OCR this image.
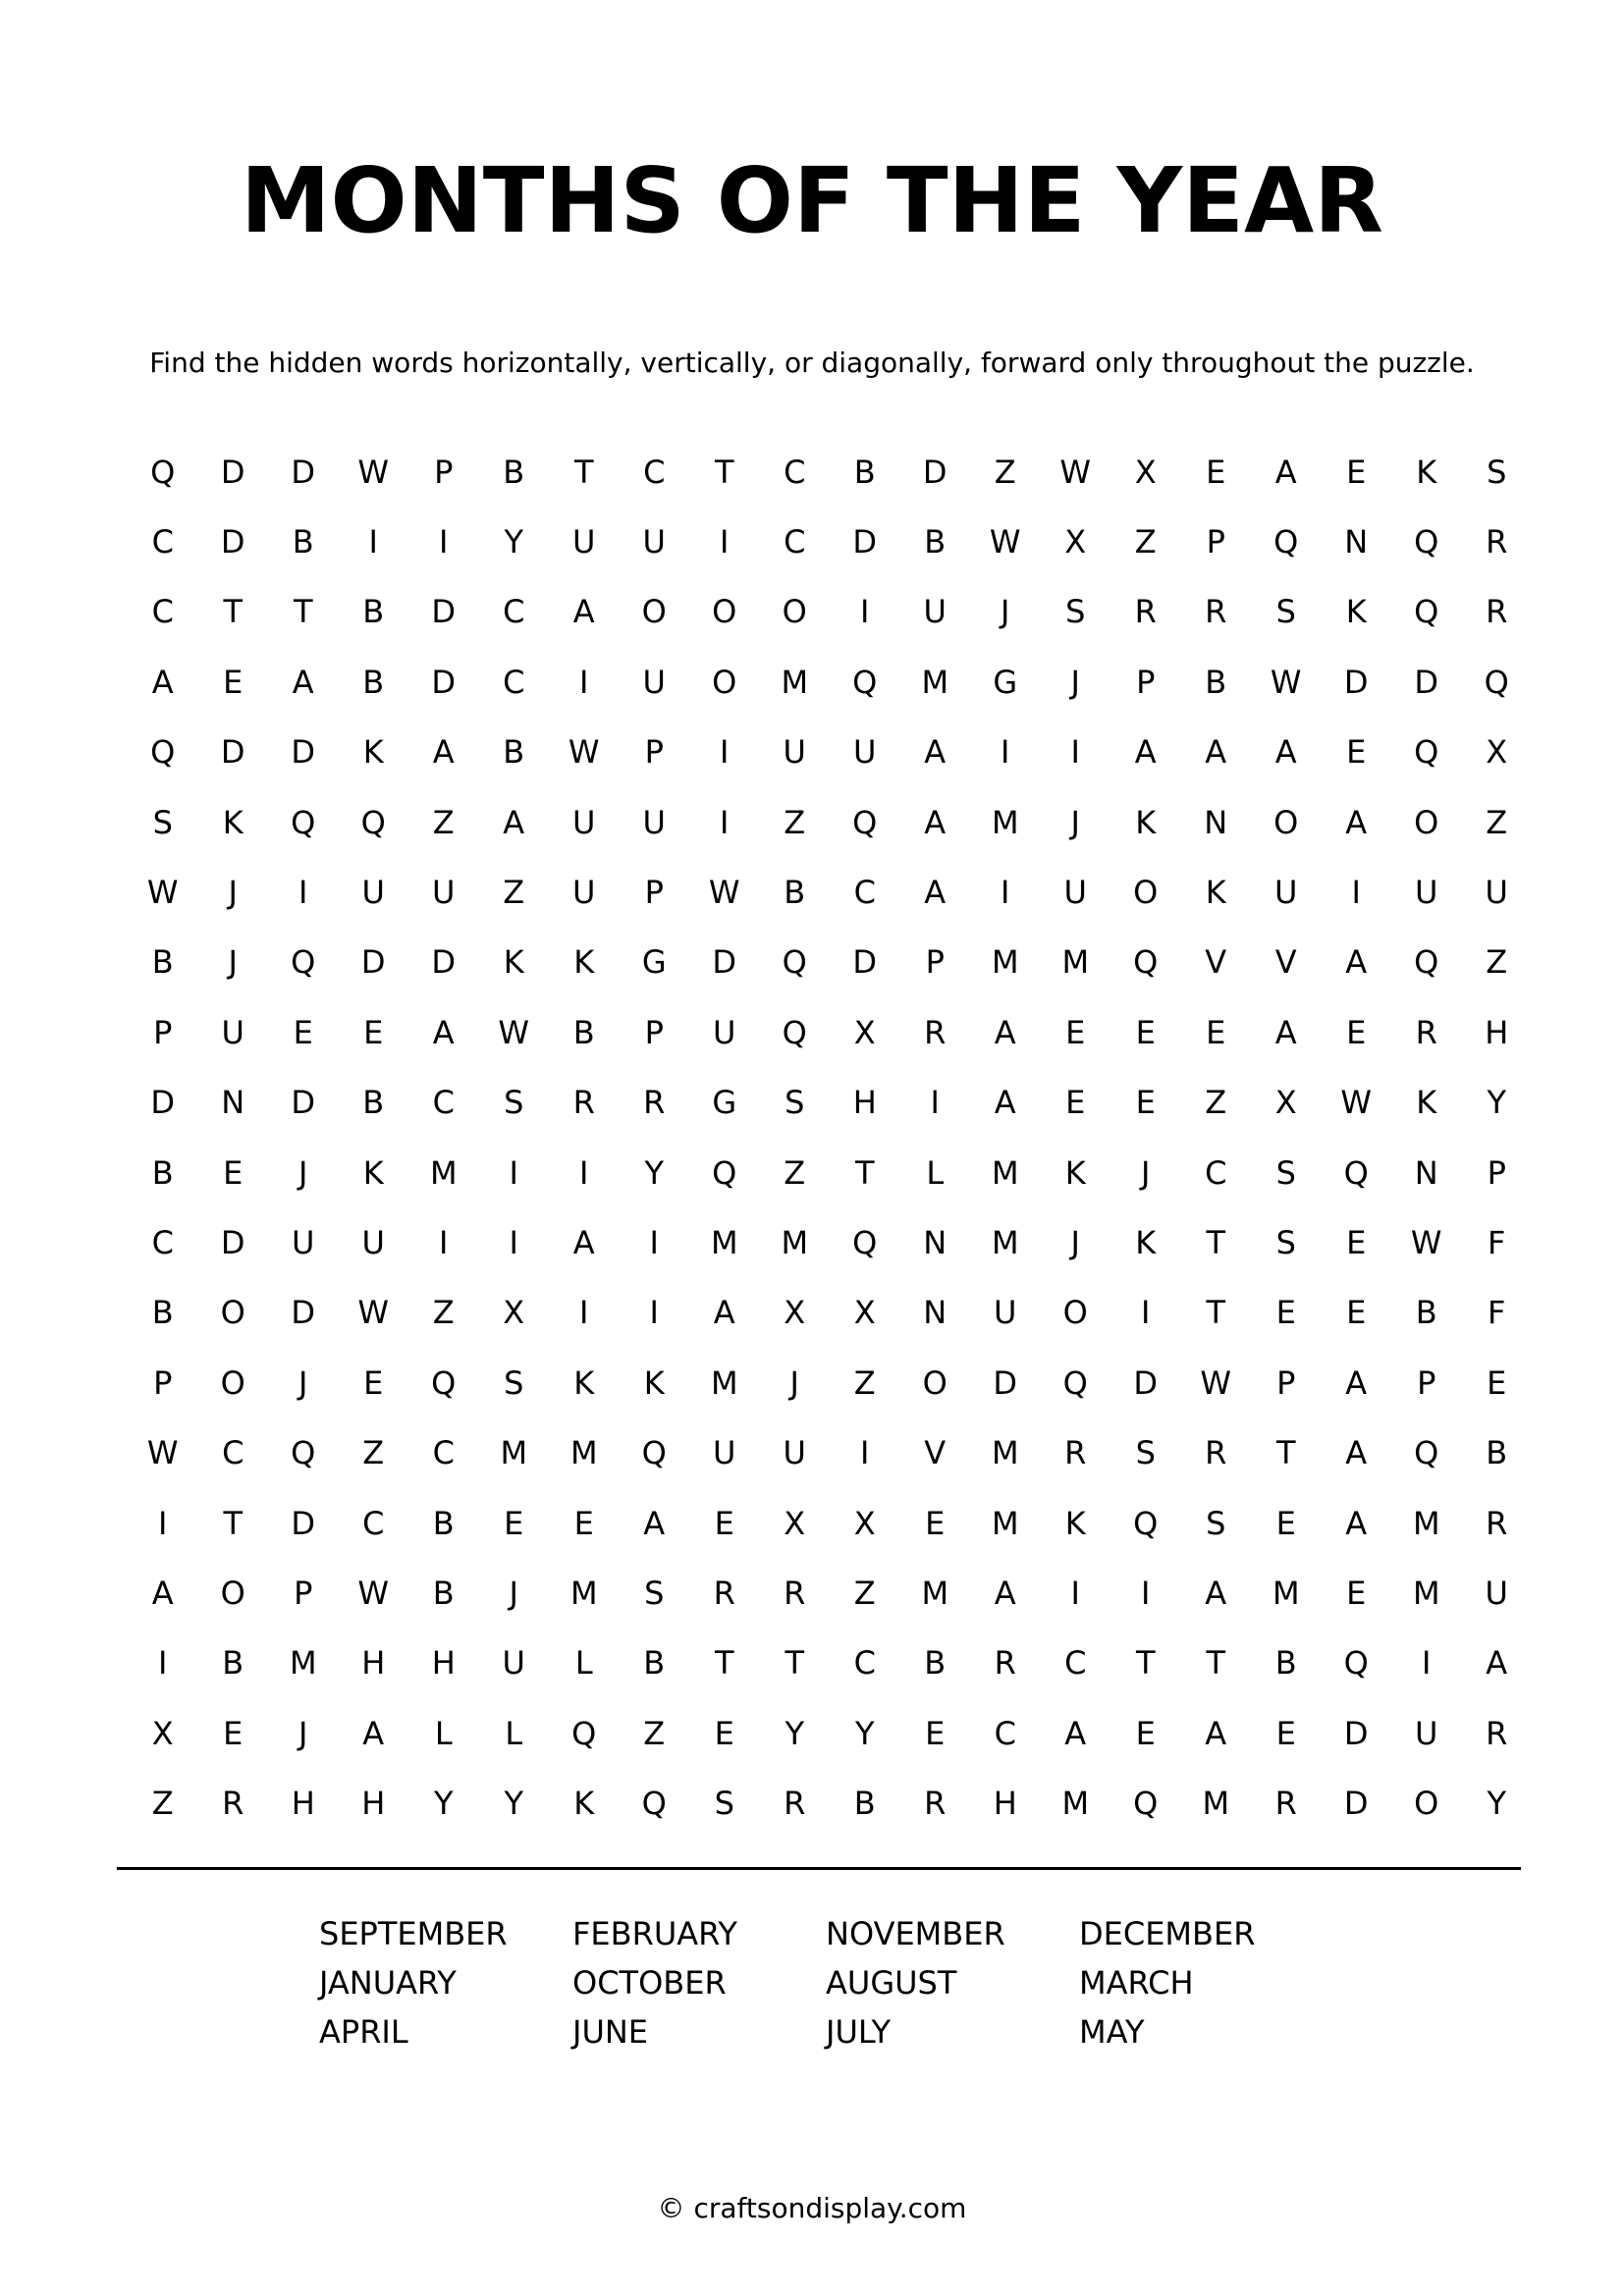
MONTHS OF THE YEAR

Find the hidden words horizontally, vertically, or diagonally, forward only throughout the puzzle.

Q	D	D	W	P	B	T	C	T	C	B	D	Z	W	X	E	A	E	K	S
C	D	B	I	I	Y	U	U	I	C	D	B	W	X	Z	P	Q	N	Q	R
C	T	T	B	D	C	A	O	O	O	I	U	J	S	R	R	S	K	Q	R
A	E	A	B	D	C	I	U	O	M	Q	M	G	J	P	B	W	D	D	Q
Q	D	D	K	A	B	W	P	I	U	U	A	I	I	A	A	A	E	Q	X
S	K	Q	Q	Z	A	U	U	I	Z	Q	A	M	J	K	N	O	A	O	Z
W	J	I	U	U	Z	U	P	W	B	C	A	I	U	O	K	U	I	U	U
B	J	Q	D	D	K	K	G	D	Q	D	P	M	M	Q	V	V	A	Q	Z
P	U	E	E	A	W	B	P	U	Q	X	R	A	E	E	E	A	E	R	H
D	N	D	B	C	S	R	R	G	S	H	I	A	E	E	Z	X	W	K	Y
B	E	J	K	M	I	I	Y	Q	Z	T	L	M	K	J	C	S	Q	N	P
C	D	U	U	I	I	A	I	M	M	Q	N	M	J	K	T	S	E	W	F
B	O	D	W	Z	X	I	I	A	X	X	N	U	O	I	T	E	E	B	F
P	O	J	E	Q	S	K	K	M	J	Z	O	D	Q	D	W	P	A	P	E
W	C	Q	Z	C	M	M	Q	U	U	I	V	M	R	S	R	T	A	Q	B
I	T	D	C	B	E	E	A	E	X	X	E	M	K	Q	S	E	A	M	R
A	O	P	W	B	J	M	S	R	R	Z	M	A	I	I	A	M	E	M	U
I	B	M	H	H	U	L	B	T	T	C	B	R	C	T	T	B	Q	I	A
X	E	J	A	L	L	Q	Z	E	Y	Y	E	C	A	E	A	E	D	U	R
Z	R	H	H	Y	Y	K	Q	S	R	B	R	H	M	Q	M	R	D	O	Y
SEPTEMBER	FEBRUARY	NOVEMBER	DECEMBER
JANUARY	OCTOBER	AUGUST	MARCH
APRIL	JUNE	JULY	MAY

© craftsondisplay.com
